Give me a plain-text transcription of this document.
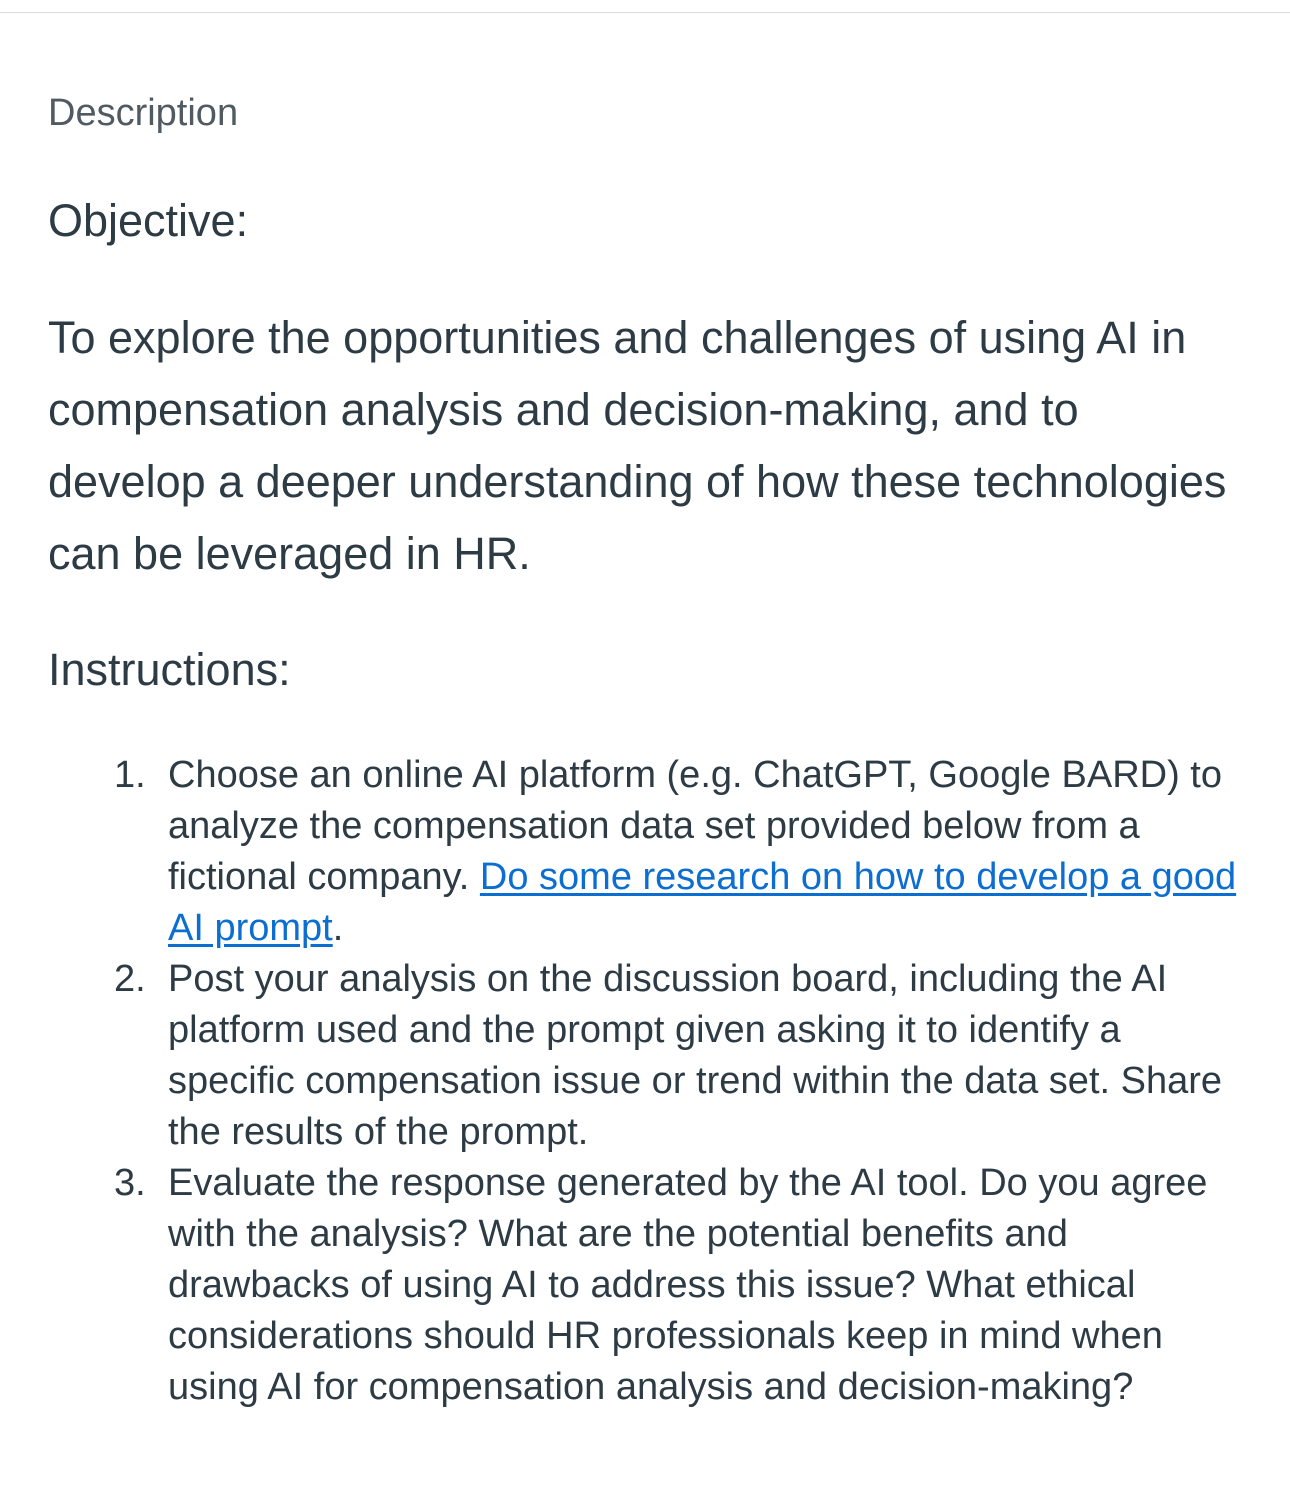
Description
Objective:

To explore the opportunities and challenges of using AI in compensation analysis and decision-making, and to develop a deeper understanding of how these technologies can be leveraged in HR.

Instructions:
1. Choose an online AI platform (e.g. ChatGPT, Google BARD) to analyze the compensation data set provided below from a fictional company. Do some research on how to develop a good AI prompt.
2. Post your analysis on the discussion board, including the AI platform used and the prompt given asking it to identify a specific compensation issue or trend within the data set. Share the results of the prompt.
3. Evaluate the response generated by the AI tool. Do you agree with the analysis? What are the potential benefits and drawbacks of using AI to address this issue? What ethical considerations should HR professionals keep in mind when using AI for compensation analysis and decision-making?
